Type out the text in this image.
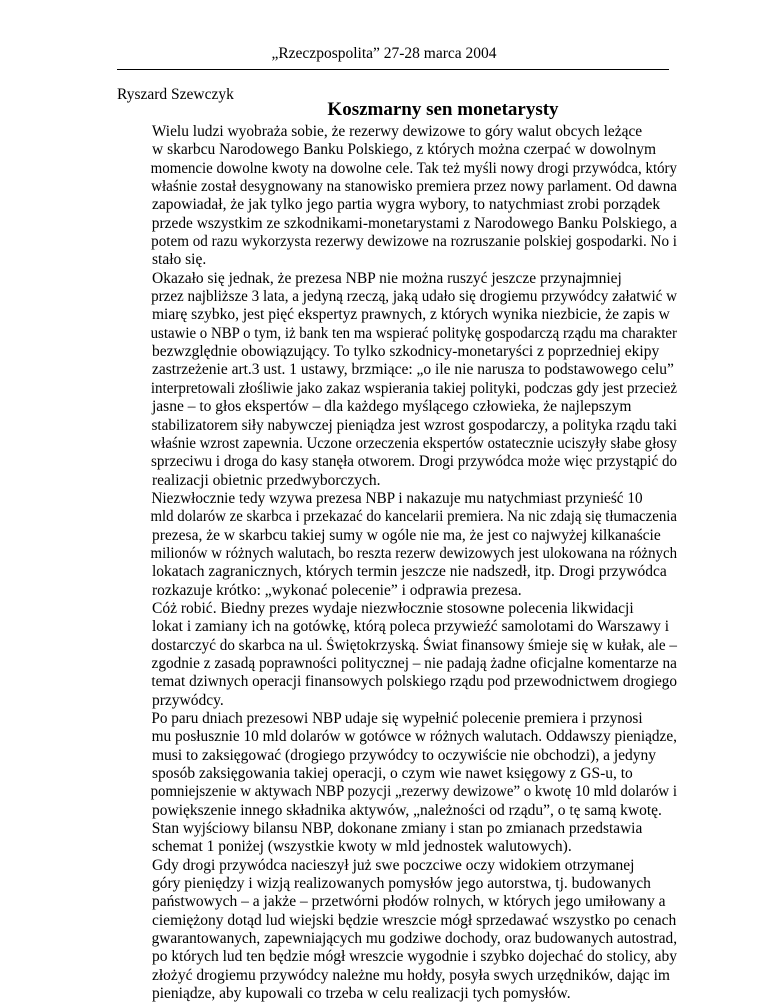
„Rzeczpospolita” 27-28 marca 2004
Ryszard Szewczyk
Koszmarny sen monetarysty

Wielu ludzi wyobraża sobie, że rezerwy dewizowe to góry walut obcych leżące
w skarbcu Narodowego Banku Polskiego, z których można czerpać w dowolnym
momencie dowolne kwoty na dowolne cele. Tak też myśli nowy drogi przywódca, który
właśnie został desygnowany na stanowisko premiera przez nowy parlament. Od dawna
zapowiadał, że jak tylko jego partia wygra wybory, to natychmiast zrobi porządek
przede wszystkim ze szkodnikami-monetarystami z Narodowego Banku Polskiego, a
potem od razu wykorzysta rezerwy dewizowe na rozruszanie polskiej gospodarki. No i
stało się.

Okazało się jednak, że prezesa NBP nie można ruszyć jeszcze przynajmniej
przez najbliższe 3 lata, a jedyną rzeczą, jaką udało się drogiemu przywódcy załatwić w
miarę szybko, jest pięć ekspertyz prawnych, z których wynika niezbicie, że zapis w
ustawie o NBP o tym, iż bank ten ma wspierać politykę gospodarczą rządu ma charakter
bezwzględnie obowiązujący. To tylko szkodnicy-monetaryści z poprzedniej ekipy
zastrzeżenie art.3 ust. 1 ustawy, brzmiące: „o ile nie narusza to podstawowego celu”
interpretowali złośliwie jako zakaz wspierania takiej polityki, podczas gdy jest przecież
jasne – to głos ekspertów – dla każdego myślącego człowieka, że najlepszym
stabilizatorem siły nabywczej pieniądza jest wzrost gospodarczy, a polityka rządu taki
właśnie wzrost zapewnia. Uczone orzeczenia ekspertów ostatecznie uciszyły słabe głosy
sprzeciwu i droga do kasy stanęła otworem. Drogi przywódca może więc przystąpić do
realizacji obietnic przedwyborczych.

Niezwłocznie tedy wzywa prezesa NBP i nakazuje mu natychmiast przynieść 10
mld dolarów ze skarbca i przekazać do kancelarii premiera. Na nic zdają się tłumaczenia
prezesa, że w skarbcu takiej sumy w ogóle nie ma, że jest co najwyżej kilkanaście
milionów w różnych walutach, bo reszta rezerw dewizowych jest ulokowana na różnych
lokatach zagranicznych, których termin jeszcze nie nadszedł, itp. Drogi przywódca
rozkazuje krótko: „wykonać polecenie” i odprawia prezesa.

Cóż robić. Biedny prezes wydaje niezwłocznie stosowne polecenia likwidacji
lokat i zamiany ich na gotówkę, którą poleca przywieźć samolotami do Warszawy i
dostarczyć do skarbca na ul. Świętokrzyską. Świat finansowy śmieje się w kułak, ale –
zgodnie z zasadą poprawności politycznej – nie padają żadne oficjalne komentarze na
temat dziwnych operacji finansowych polskiego rządu pod przewodnictwem drogiego
przywódcy.

Po paru dniach prezesowi NBP udaje się wypełnić polecenie premiera i przynosi
mu posłusznie 10 mld dolarów w gotówce w różnych walutach. Oddawszy pieniądze,
musi to zaksięgować (drogiego przywódcy to oczywiście nie obchodzi), a jedyny
sposób zaksięgowania takiej operacji, o czym wie nawet księgowy z GS-u, to
pomniejszenie w aktywach NBP pozycji „rezerwy dewizowe” o kwotę 10 mld dolarów i
powiększenie innego składnika aktywów, „należności od rządu”, o tę samą kwotę.

Stan wyjściowy bilansu NBP, dokonane zmiany i stan po zmianach przedstawia
schemat 1 poniżej (wszystkie kwoty w mld jednostek walutowych).

Gdy drogi przywódca nacieszył już swe poczciwe oczy widokiem otrzymanej
góry pieniędzy i wizją realizowanych pomysłów jego autorstwa, tj. budowanych
państwowych – a jakże – przetwórni płodów rolnych, w których jego umiłowany a
ciemiężony dotąd lud wiejski będzie wreszcie mógł sprzedawać wszystko po cenach
gwarantowanych, zapewniających mu godziwe dochody, oraz budowanych autostrad,
po których lud ten będzie mógł wreszcie wygodnie i szybko dojechać do stolicy, aby
złożyć drogiemu przywódcy należne mu hołdy, posyła swych urzędników, dając im
pieniądze, aby kupowali co trzeba w celu realizacji tych pomysłów.
